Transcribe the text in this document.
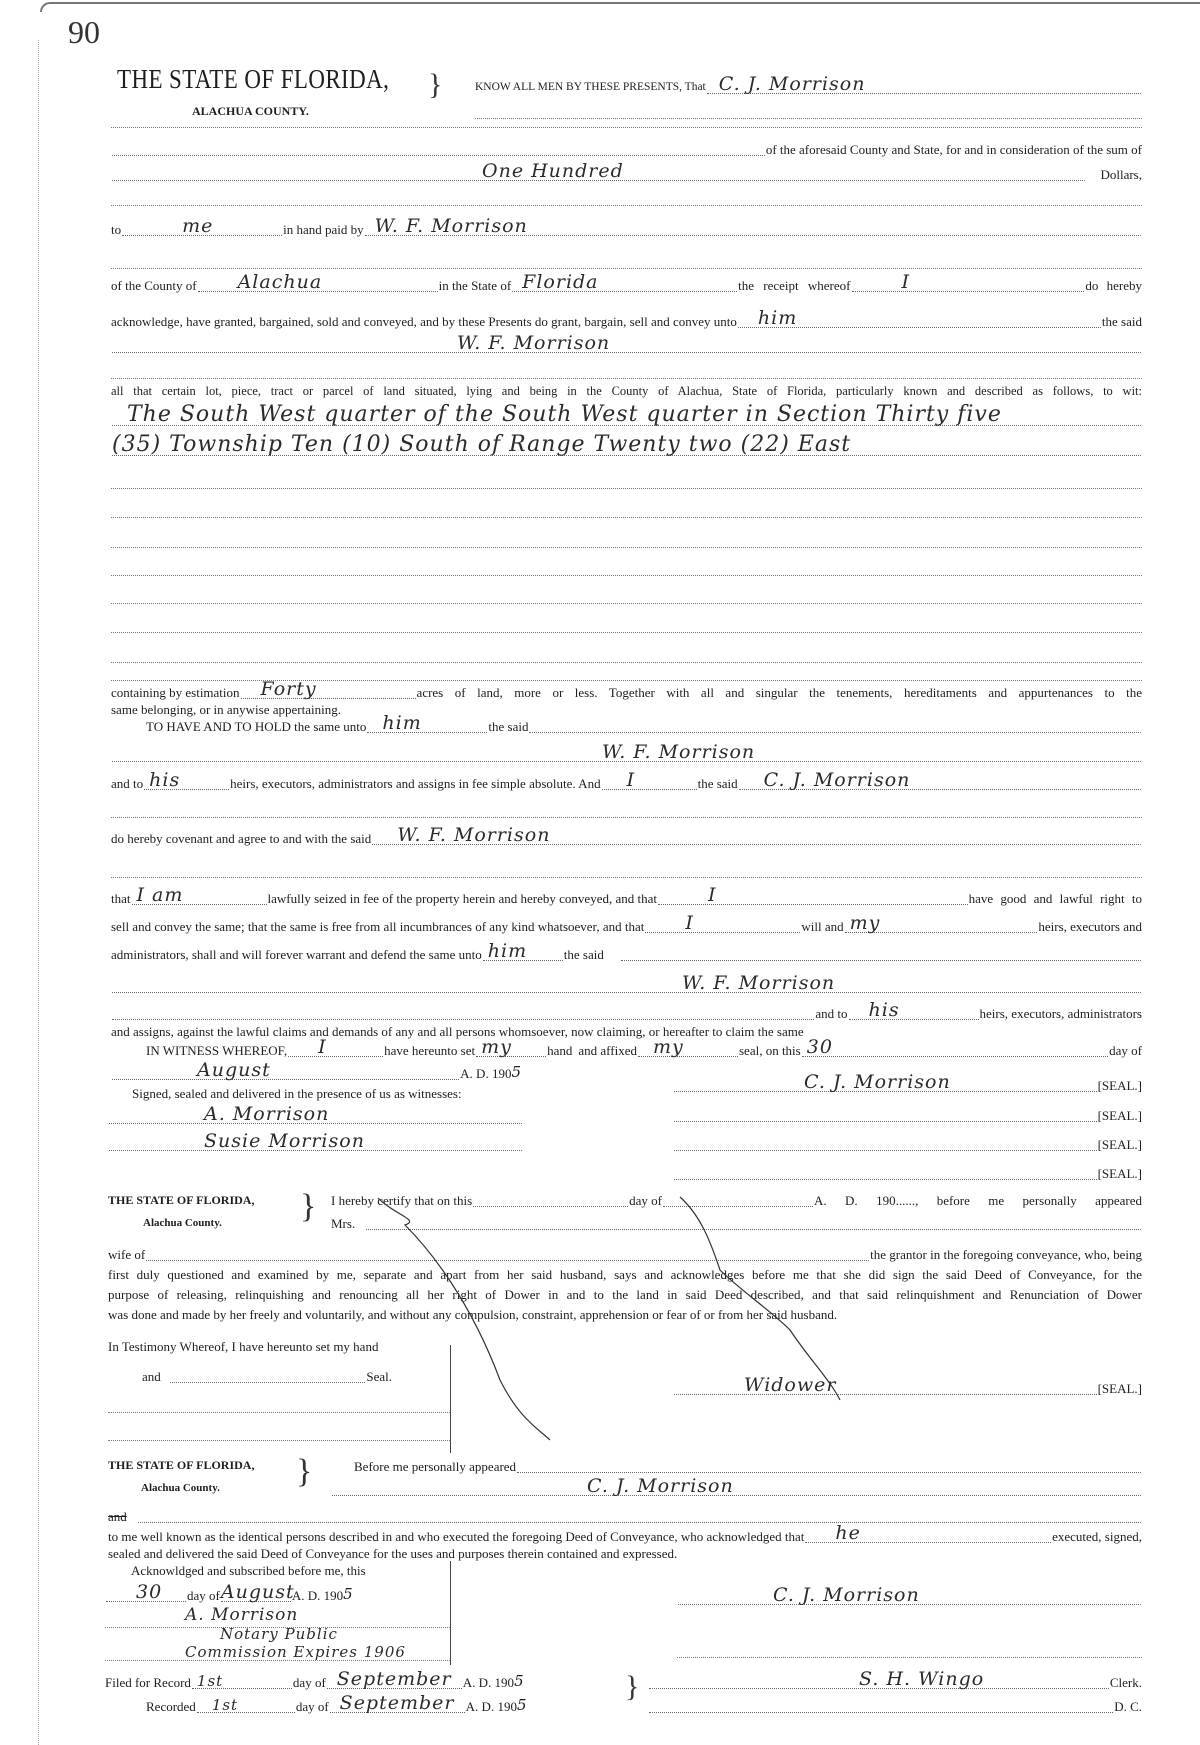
90
THE STATE OF FLORIDA,
ALACHUA COUNTY.
}	KNOW ALL MEN BY THESE PRESENTS, That C. J. Morrison
of the aforesaid County and State, for and in consideration of the sum of
One Hundred	Dollars,
to	me	in hand paid by W. F. Morrison
of the County of Alachua	in the State of Florida	the receipt whereof	I	do hereby
acknowledge, have granted, bargained, sold and conveyed, and by these Presents do grant, bargain, sell and convey unto him	the said
W. F. Morrison
all that certain lot, piece, tract or parcel of land situated, lying and being in the County of Alachua, State of Florida, particularly known and described as follows, to wit:
The South West quarter of the South West quarter in Section Thirty five
(35) Township Ten (10) South of Range Twenty two (22) East
containing by estimation Forty	acres of land, more or less. Together with all and singular the tenements, hereditaments and appurtenances to the
same belonging, or in anywise appertaining.
TO HAVE AND TO HOLD the same unto him	the said
W. F. Morrison
and to his	heirs, executors, administrators and assigns in fee simple absolute. And I	the said C. J. Morrison
do hereby covenant and agree to and with the said W. F. Morrison
that I am	lawfully seized in fee of the property herein and hereby conveyed, and that	I	have good and lawful right to
sell and convey the same; that the same is free from all incumbrances of any kind whatsoever, and that I	will and my	heirs, executors and
administrators, shall and will forever warrant and defend the same unto him	the said
W. F. Morrison
and to his	heirs, executors, administrators
and assigns, against the lawful claims and demands of any and all persons whomsoever, now claiming, or hereafter to claim the same
IN WITNESS WHEREOF, I	have hereunto set my	hand and affixed my	seal, on this 30	day of
August	A. D. 190 5
Signed, sealed and delivered in the presence of us as witnesses:
A. Morrison
Susie Morrison
C. J. Morrison	[SEAL.]
[SEAL.]
[SEAL.]
[SEAL.]
THE STATE OF FLORIDA,
Alachua County. } I hereby certify that on this	day of	A. D. 190......, before me personally appeared
Mrs.
wife of	the grantor in the foregoing conveyance, who, being
first duly questioned and examined by me, separate and apart from her said husband, says and acknowledges before me that she did sign the said Deed of Conveyance, for the
purpose of releasing, relinquishing and renouncing all her right of Dower in and to the land in said Deed described, and that said relinquishment and Renunciation of Dower
was done and made by her freely and voluntarily, and without any compulsion, constraint, apprehension or fear of or from her said husband.
In Testimony Whereof, I have hereunto set my hand
and	Seal.	Widower	[SEAL.]
THE STATE OF FLORIDA,
Alachua County. }	Before me personally appeared
C. J. Morrison
and
to me well known as the identical persons described in and who executed the foregoing Deed of Conveyance, who acknowledged that he	executed, signed,
sealed and delivered the said Deed of Conveyance for the uses and purposes therein contained and expressed.
Acknowldged and subscribed before me, this
30 day of August
A. D. 190 5
A. Morrison
Notary Public
Commission Expires 1906
C. J. Morrison
Filed for Record 1st	day of September A. D. 190 5
Recorded 1st	day of September A. D. 190 5
}	S. H. Wingo	Clerk.
D. C.
